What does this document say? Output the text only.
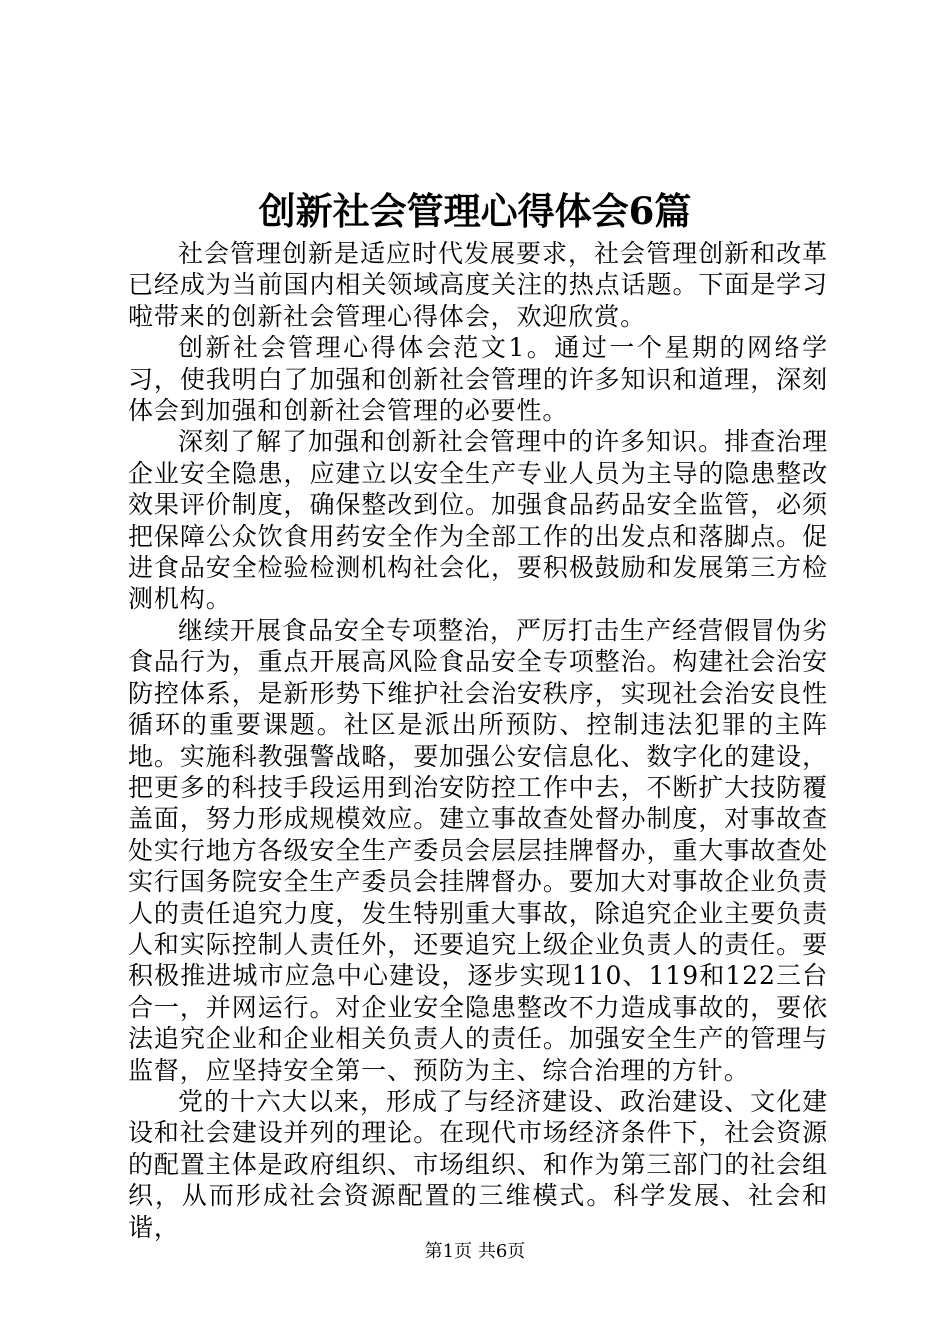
创新社会管理心得体会6篇

社会管理创新是适应时代发展要求，社会管理创新和改革已经成为当前国内相关领域高度关注的热点话题。下面是学习啦带来的创新社会管理心得体会，欢迎欣赏。

创新社会管理心得体会范文1。通过一个星期的网络学习，使我明白了加强和创新社会管理的许多知识和道理，深刻体会到加强和创新社会管理的必要性。

深刻了解了加强和创新社会管理中的许多知识。排查治理企业安全隐患，应建立以安全生产专业人员为主导的隐患整改效果评价制度，确保整改到位。加强食品药品安全监管，必须把保障公众饮食用药安全作为全部工作的出发点和落脚点。促进食品安全检验检测机构社会化，要积极鼓励和发展第三方检测机构。

继续开展食品安全专项整治，严厉打击生产经营假冒伪劣食品行为，重点开展高风险食品安全专项整治。构建社会治安防控体系，是新形势下维护社会治安秩序，实现社会治安良性循环的重要课题。社区是派出所预防、控制违法犯罪的主阵地。实施科教强警战略，要加强公安信息化、数字化的建设，把更多的科技手段运用到治安防控工作中去，不断扩大技防覆盖面，努力形成规模效应。建立事故查处督办制度，对事故查处实行地方各级安全生产委员会层层挂牌督办，重大事故查处实行国务院安全生产委员会挂牌督办。要加大对事故企业负责人的责任追究力度，发生特别重大事故，除追究企业主要负责人和实际控制人责任外，还要追究上级企业负责人的责任。要积极推进城市应急中心建设，逐步实现110、119和122三台合一，并网运行。对企业安全隐患整改不力造成事故的，要依法追究企业和企业相关负责人的责任。加强安全生产的管理与监督，应坚持安全第一、预防为主、综合治理的方针。

党的十六大以来，形成了与经济建设、政治建设、文化建设和社会建设并列的理论。在现代市场经济条件下，社会资源的配置主体是政府组织、市场组织、和作为第三部门的社会组织，从而形成社会资源配置的三维模式。科学发展、社会和谐，

第1页 共6页
